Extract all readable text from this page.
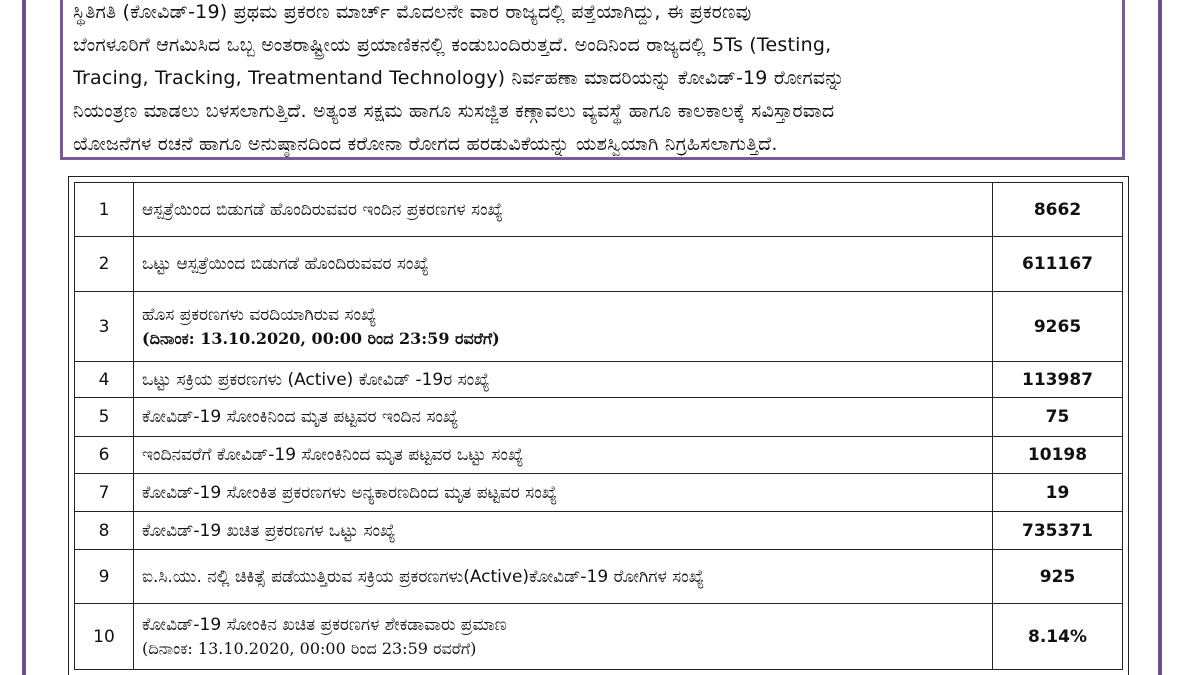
ಸ್ಥಿತಿಗತಿ (ಕೋವಿಡ್-19) ಪ್ರಥಮ ಪ್ರಕರಣ ಮಾರ್ಚ್ ಮೊದಲನೇ ವಾರ ರಾಜ್ಯದಲ್ಲಿ ಪತ್ತೆಯಾಗಿದ್ದು, ಈ ಪ್ರಕರಣವು
ಬೆಂಗಳೂರಿಗೆ ಆಗಮಿಸಿದ ಒಬ್ಬ ಅಂತರಾಷ್ಟ್ರೀಯ ಪ್ರಯಾಣಿಕನಲ್ಲಿ ಕಂಡುಬಂದಿರುತ್ತದೆ. ಅಂದಿನಿಂದ ರಾಜ್ಯದಲ್ಲಿ 5Ts (Testing,
Tracing, Tracking, Treatmentand Technology) ನಿರ್ವಹಣಾ ಮಾದರಿಯನ್ನು ಕೋವಿಡ್-19 ರೋಗವನ್ನು
ನಿಯಂತ್ರಣ ಮಾಡಲು ಬಳಸಲಾಗುತ್ತಿದೆ. ಅತ್ಯಂತ ಸಕ್ಷಮ ಹಾಗೂ ಸುಸಜ್ಜಿತ ಕಣ್ಗಾವಲು ವ್ಯವಸ್ಥೆ ಹಾಗೂ ಕಾಲಕಾಲಕ್ಕೆ ಸವಿಸ್ತಾರವಾದ
ಯೋಜನೆಗಳ ರಚನೆ ಹಾಗೂ ಅನುಷ್ಠಾನದಿಂದ ಕರೋನಾ ರೋಗದ ಹರಡುವಿಕೆಯನ್ನು ಯಶಸ್ವಿಯಾಗಿ ನಿಗ್ರಹಿಸಲಾಗುತ್ತಿದೆ.
1	ಆಸ್ಪತ್ರೆಯಿಂದ ಬಿಡುಗಡೆ ಹೊಂದಿರುವವರ ಇಂದಿನ ಪ್ರಕರಣಗಳ ಸಂಖ್ಯೆ	8662
2	ಒಟ್ಟು ಆಸ್ಪತ್ರೆಯಿಂದ ಬಿಡುಗಡೆ ಹೊಂದಿರುವವರ ಸಂಖ್ಯೆ	611167
3	ಹೊಸ ಪ್ರಕರಣಗಳು ವರದಿಯಾಗಿರುವ ಸಂಖ್ಯೆ
(ದಿನಾಂಕ: 13.10.2020, 00:00 ರಿಂದ 23:59 ರವರೆಗೆ)	9265
4	ಒಟ್ಟು ಸಕ್ರಿಯ ಪ್ರಕರಣಗಳು (Active) ಕೋವಿಡ್ -19ರ ಸಂಖ್ಯೆ	113987
5	ಕೋವಿಡ್-19 ಸೋಂಕಿನಿಂದ ಮೃತ ಪಟ್ಟವರ ಇಂದಿನ ಸಂಖ್ಯೆ	75
6	ಇಂದಿನವರೆಗೆ ಕೋವಿಡ್-19 ಸೋಂಕಿನಿಂದ ಮೃತ ಪಟ್ಟವರ ಒಟ್ಟು ಸಂಖ್ಯೆ	10198
7	ಕೋವಿಡ್-19 ಸೋಂಕಿತ ಪ್ರಕರಣಗಳು ಅನ್ಯಕಾರಣದಿಂದ ಮೃತ ಪಟ್ಟವರ ಸಂಖ್ಯೆ	19
8	ಕೋವಿಡ್-19 ಖಚಿತ ಪ್ರಕರಣಗಳ ಒಟ್ಟು ಸಂಖ್ಯೆ	735371
9	ಐ.ಸಿ.ಯು. ನಲ್ಲಿ ಚಿಕಿತ್ಸೆ ಪಡೆಯುತ್ತಿರುವ ಸಕ್ರಿಯ ಪ್ರಕರಣಗಳು(Active)ಕೋವಿಡ್-19 ರೋಗಿಗಳ ಸಂಖ್ಯೆ	925
10	ಕೋವಿಡ್-19 ಸೋಂಕಿನ ಖಚಿತ ಪ್ರಕರಣಗಳ ಶೇಕಡಾವಾರು ಪ್ರಮಾಣ
(ದಿನಾಂಕ: 13.10.2020, 00:00 ರಿಂದ 23:59 ರವರೆಗೆ)	8.14%
